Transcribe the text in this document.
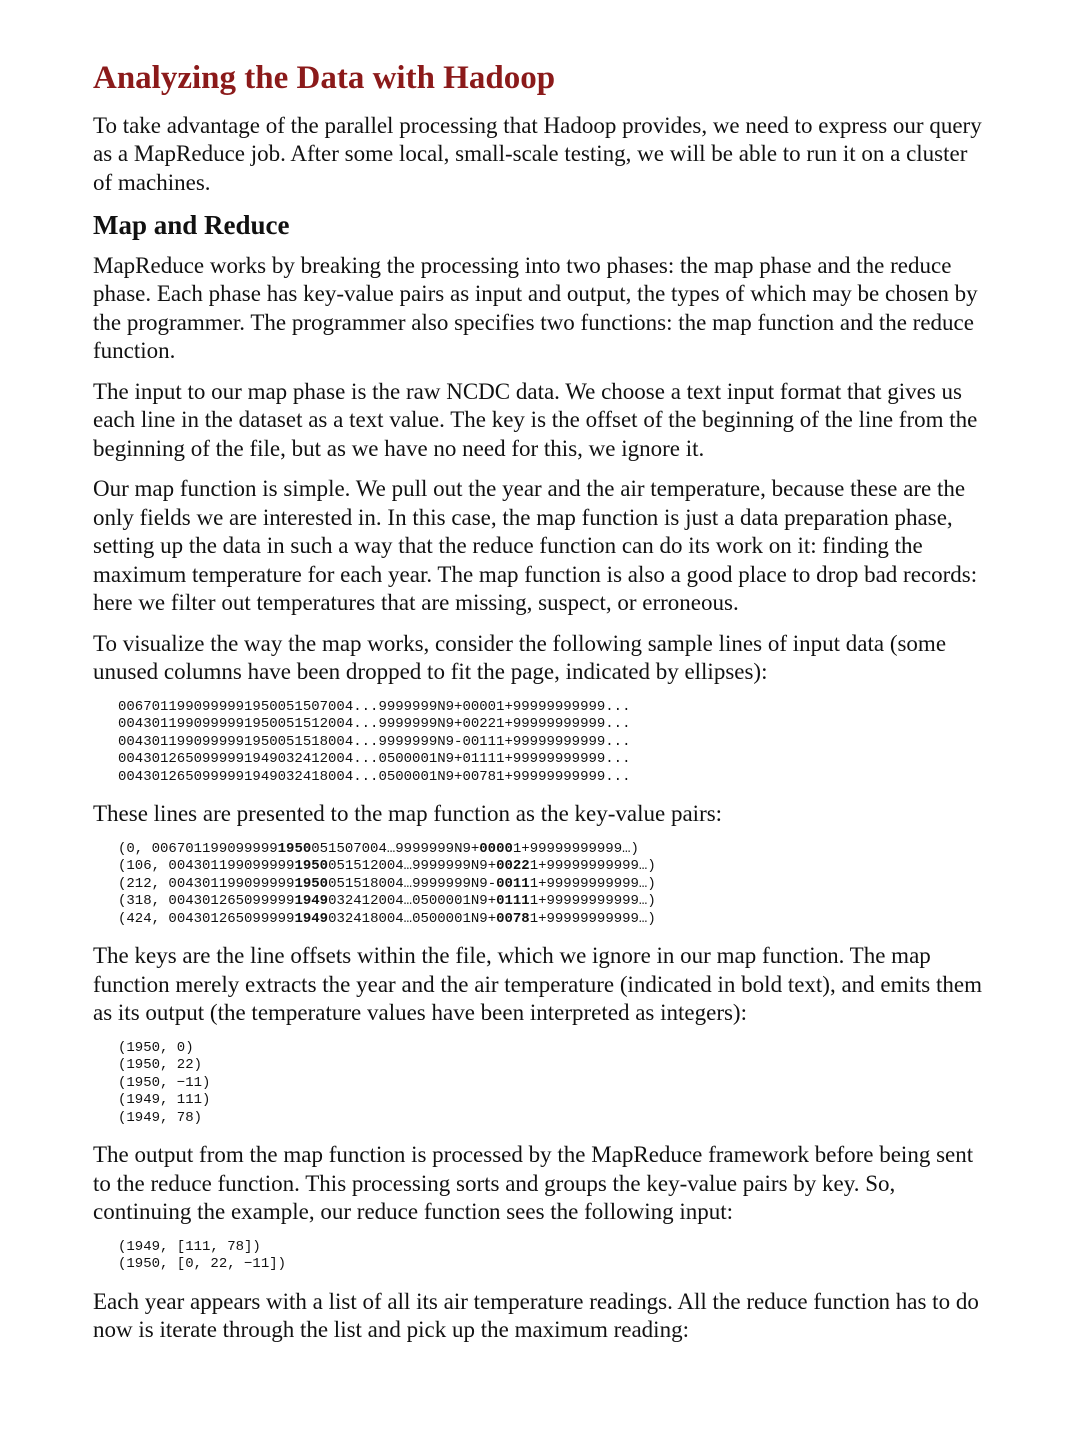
Analyzing the Data with Hadoop

To take advantage of the parallel processing that Hadoop provides, we need to express our query as a MapReduce job. After some local, small-scale testing, we will be able to run it on a cluster of machines.

Map and Reduce

MapReduce works by breaking the processing into two phases: the map phase and the reduce phase. Each phase has key-value pairs as input and output, the types of which may be chosen by the programmer. The programmer also specifies two functions: the map function and the reduce function.

The input to our map phase is the raw NCDC data. We choose a text input format that gives us each line in the dataset as a text value. The key is the offset of the beginning of the line from the beginning of the file, but as we have no need for this, we ignore it.

Our map function is simple. We pull out the year and the air temperature, because these are the only fields we are interested in. In this case, the map function is just a data preparation phase, setting up the data in such a way that the reduce function can do its work on it: finding the maximum temperature for each year. The map function is also a good place to drop bad records: here we filter out temperatures that are missing, suspect, or erroneous.

To visualize the way the map works, consider the following sample lines of input data (some unused columns have been dropped to fit the page, indicated by ellipses):

0067011990999991950051507004...9999999N9+00001+99999999999...
0043011990999991950051512004...9999999N9+00221+99999999999...
0043011990999991950051518004...9999999N9-00111+99999999999...
0043012650999991949032412004...0500001N9+01111+99999999999...
0043012650999991949032418004...0500001N9+00781+99999999999...

These lines are presented to the map function as the key-value pairs:

(0, 0067011990999991950051507004…9999999N9+00001+99999999999…)
(106, 0043011990999991950051512004…9999999N9+00221+99999999999…)
(212, 0043011990999991950051518004…9999999N9-00111+99999999999…)
(318, 0043012650999991949032412004…0500001N9+01111+99999999999…)
(424, 0043012650999991949032418004…0500001N9+00781+99999999999…)

The keys are the line offsets within the file, which we ignore in our map function. The map function merely extracts the year and the air temperature (indicated in bold text), and emits them as its output (the temperature values have been interpreted as integers):

(1950, 0)
(1950, 22)
(1950, −11)
(1949, 111)
(1949, 78)

The output from the map function is processed by the MapReduce framework before being sent to the reduce function. This processing sorts and groups the key-value pairs by key. So, continuing the example, our reduce function sees the following input:

(1949, [111, 78])
(1950, [0, 22, −11])

Each year appears with a list of all its air temperature readings. All the reduce function has to do now is iterate through the list and pick up the maximum reading:
